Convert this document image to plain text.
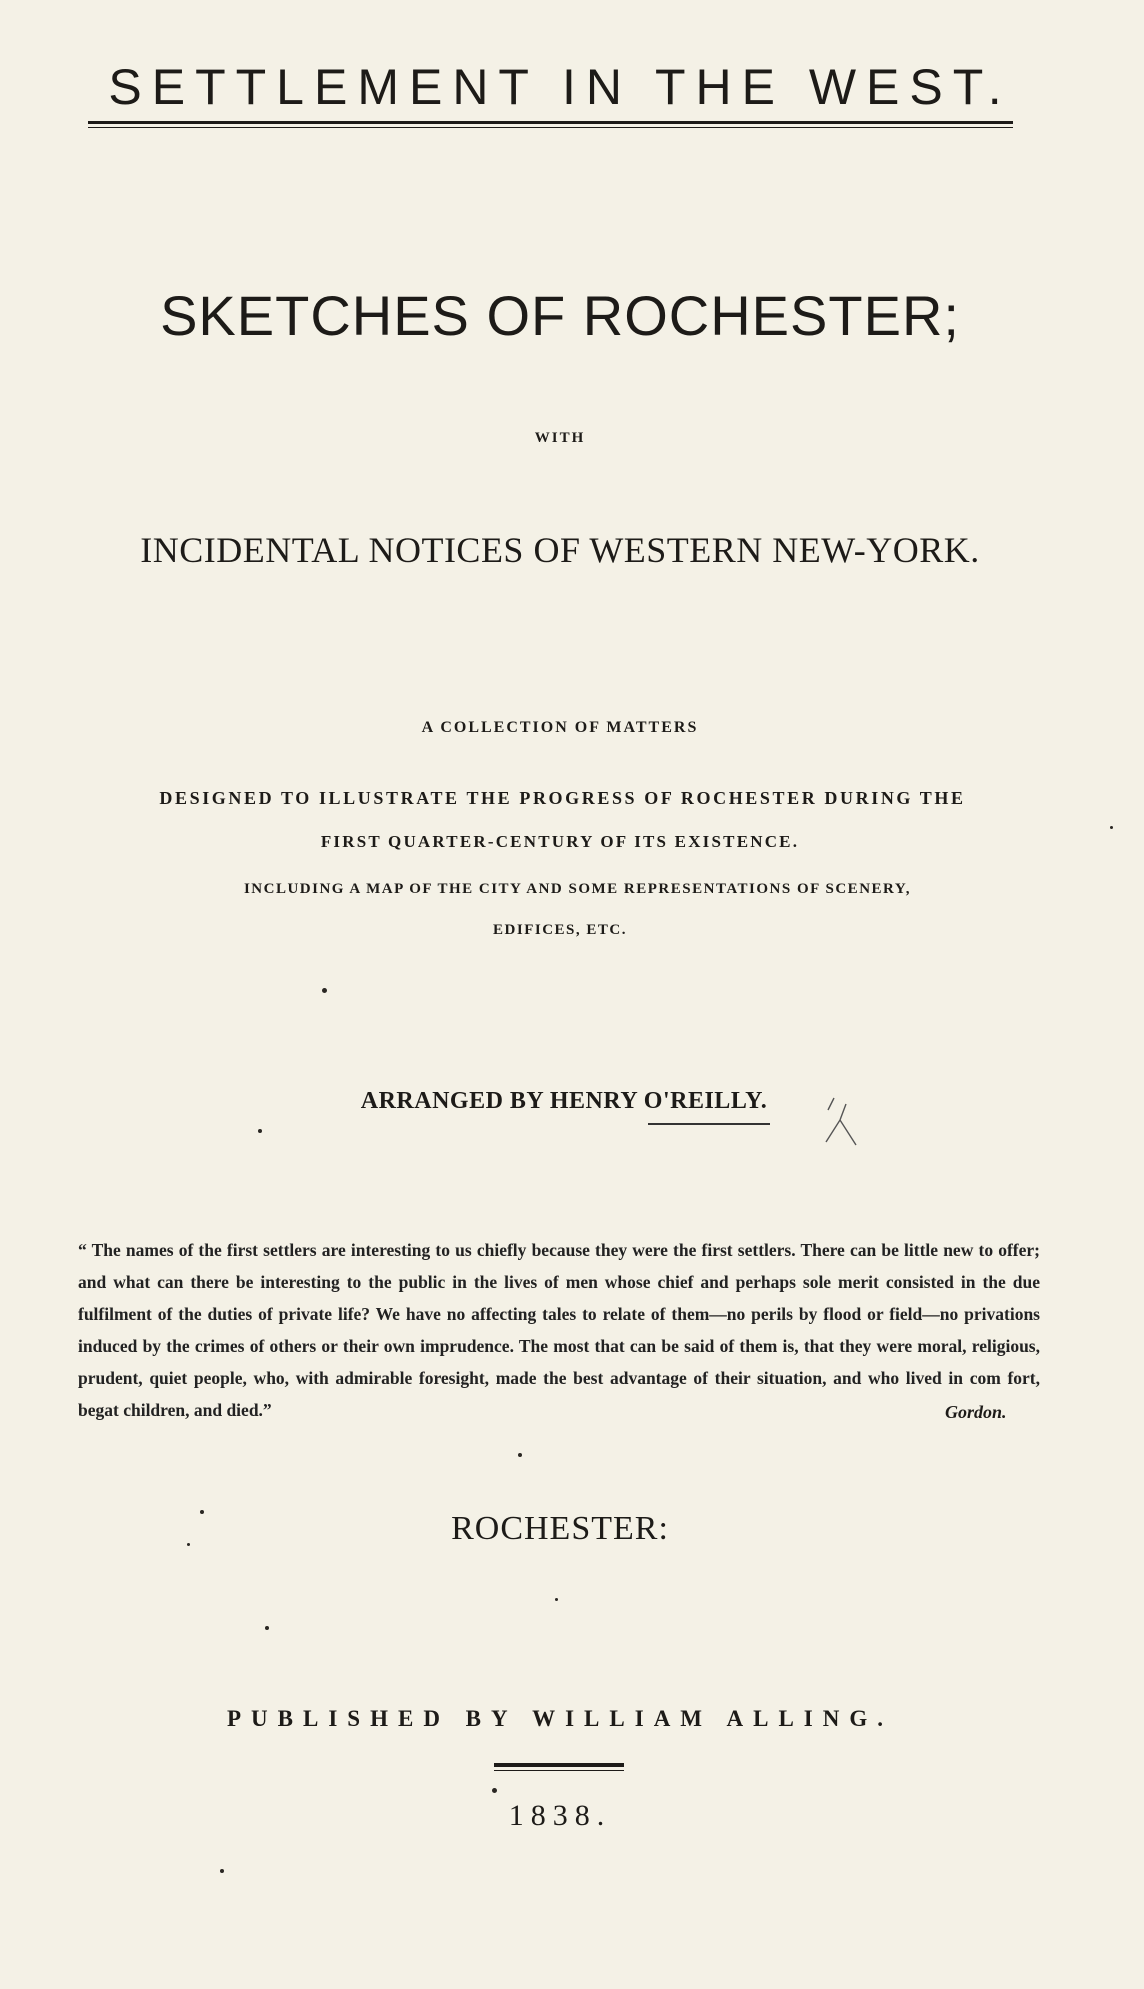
SETTLEMENT IN THE WEST.
SKETCHES OF ROCHESTER;
WITH
INCIDENTAL NOTICES OF WESTERN NEW-YORK.
A COLLECTION OF MATTERS
DESIGNED TO ILLUSTRATE THE PROGRESS OF ROCHESTER DURING THE
FIRST QUARTER-CENTURY OF ITS EXISTENCE.
INCLUDING A MAP OF THE CITY AND SOME REPRESENTATIONS OF SCENERY,
EDIFICES, ETC.
ARRANGED BY HENRY O'REILLY.
“ The names of the first settlers are interesting to us chiefly because they were the first settlers. There can be little new to offer; and what can there be interesting to the public in the lives of men whose chief and perhaps sole merit consisted in the due fulfilment of the duties of private life? We have no affecting tales to relate of them—no perils by flood or field—no privations induced by the crimes of others or their own imprudence. The most that can be said of them is, that they were moral, religious, prudent, quiet people, who, with admirable foresight, made the best advantage of their situation, and who lived in com fort, begat children, and died.”	Gordon.
ROCHESTER:
PUBLISHED BY WILLIAM ALLING.
1838.
